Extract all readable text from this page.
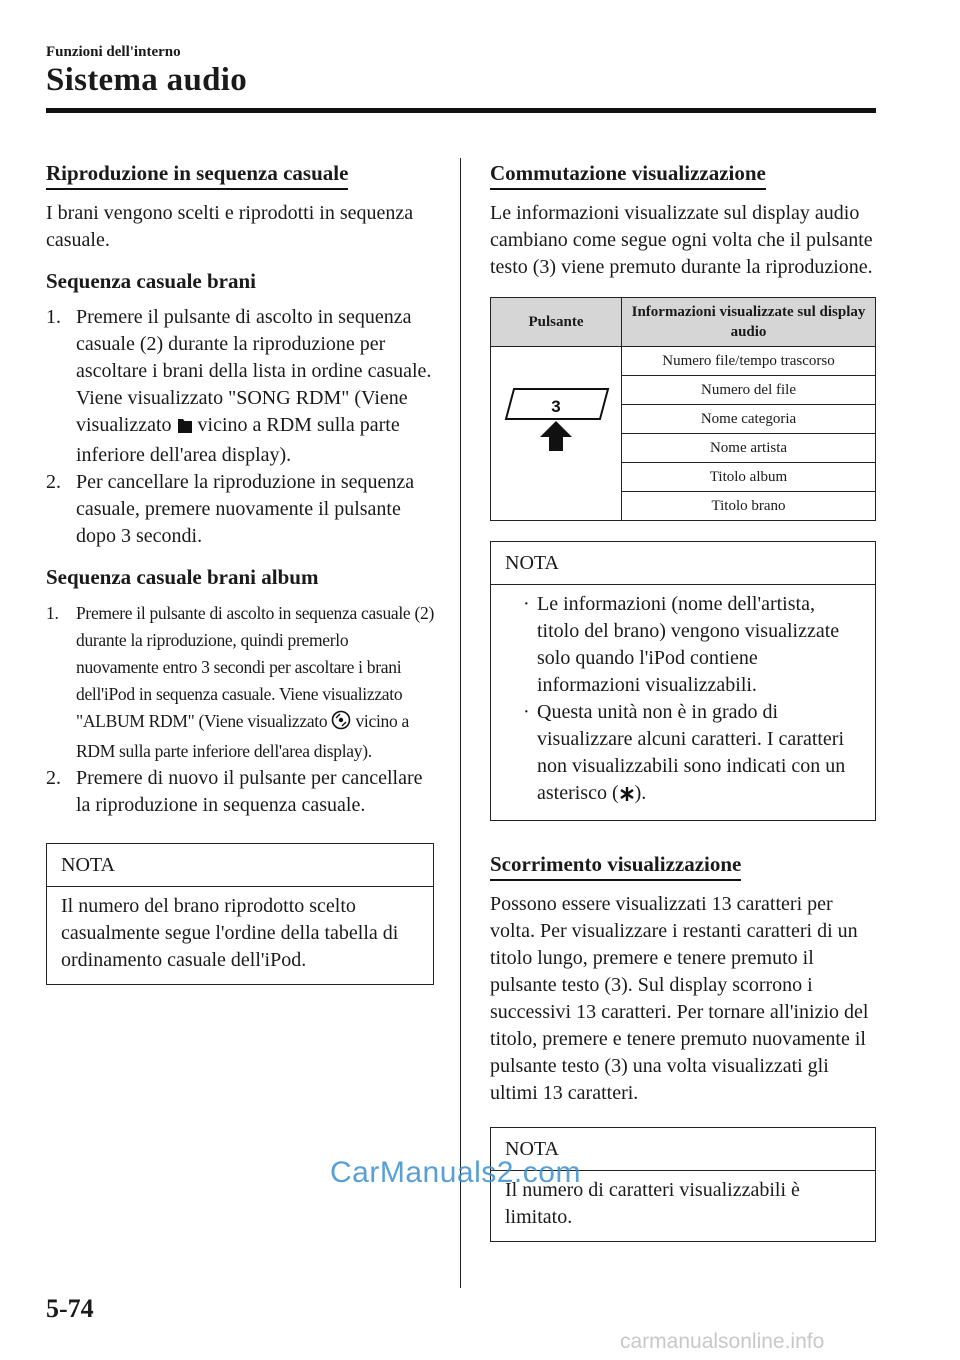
Funzioni dell'interno
Sistema audio
Riproduzione in sequenza casuale

I brani vengono scelti e riprodotti in sequenza casuale.

Sequenza casuale brani
1. Premere il pulsante di ascolto in sequenza casuale (2) durante la riproduzione per ascoltare i brani della lista in ordine casuale. Viene visualizzato "SONG RDM" (Viene visualizzato  vicino a RDM sulla parte inferiore dell'area display).
2. Per cancellare la riproduzione in sequenza casuale, premere nuovamente il pulsante dopo 3 secondi.
Sequenza casuale brani album
1. Premere il pulsante di ascolto in sequenza casuale (2) durante la riproduzione, quindi premerlo nuovamente entro 3 secondi per ascoltare i brani dell'iPod in sequenza casuale. Viene visualizzato "ALBUM RDM" (Viene visualizzato  vicino a RDM sulla parte inferiore dell'area display).
2. Premere di nuovo il pulsante per cancellare la riproduzione in sequenza casuale.
NOTA
Il numero del brano riprodotto scelto casualmente segue l'ordine della tabella di ordinamento casuale dell'iPod.
Commutazione visualizzazione

Le informazioni visualizzate sul display audio cambiano come segue ogni volta che il pulsante testo (3) viene premuto durante la riproduzione.

Pulsante	Informazioni visualizzate sul display audio

3	Numero file/tempo trascorso
	Numero del file
	Nome categoria
	Nome artista
	Titolo album
	Titolo brano
NOTA
· Le informazioni (nome dell'artista, titolo del brano) vengono visualizzate solo quando l'iPod contiene informazioni visualizzabili.
· Questa unità non è in grado di visualizzare alcuni caratteri. I caratteri non visualizzabili sono indicati con un asterisco ( ).
Scorrimento visualizzazione

Possono essere visualizzati 13 caratteri per volta. Per visualizzare i restanti caratteri di un titolo lungo, premere e tenere premuto il pulsante testo (3). Sul display scorrono i successivi 13 caratteri. Per tornare all'inizio del titolo, premere e tenere premuto nuovamente il pulsante testo (3) una volta visualizzati gli ultimi 13 caratteri.

NOTA
Il numero di caratteri visualizzabili è limitato.
5-74
CarManuals2.com
carmanualsonline.info
